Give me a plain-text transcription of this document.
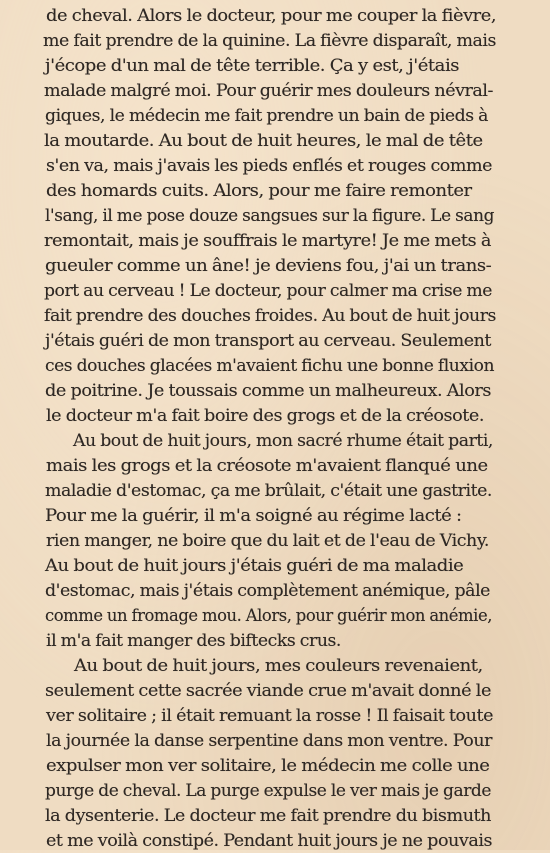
de cheval. Alors le docteur, pour me couper la fièvre,
me fait prendre de la quinine. La fièvre disparaît, mais
j'écope d'un mal de tête terrible. Ça y est, j'étais
malade malgré moi. Pour guérir mes douleurs névral-
giques, le médecin me fait prendre un bain de pieds à
la moutarde. Au bout de huit heures, le mal de tête
s'en va, mais j'avais les pieds enflés et rouges comme
des homards cuits. Alors, pour me faire remonter
l'sang, il me pose douze sangsues sur la figure. Le sang
remontait, mais je souffrais le martyre! Je me mets à
gueuler comme un âne! je deviens fou, j'ai un trans-
port au cerveau ! Le docteur, pour calmer ma crise me
fait prendre des douches froides. Au bout de huit jours
j'étais guéri de mon transport au cerveau. Seulement
ces douches glacées m'avaient fichu une bonne fluxion
de poitrine. Je toussais comme un malheureux. Alors
le docteur m'a fait boire des grogs et de la créosote.
Au bout de huit jours, mon sacré rhume était parti,
mais les grogs et la créosote m'avaient flanqué une
maladie d'estomac, ça me brûlait, c'était une gastrite.
Pour me la guérir, il m'a soigné au régime lacté :
rien manger, ne boire que du lait et de l'eau de Vichy.
Au bout de huit jours j'étais guéri de ma maladie
d'estomac, mais j'étais complètement anémique, pâle
comme un fromage mou. Alors, pour guérir mon anémie,
il m'a fait manger des biftecks crus.
Au bout de huit jours, mes couleurs revenaient,
seulement cette sacrée viande crue m'avait donné le
ver solitaire ; il était remuant la rosse ! Il faisait toute
la journée la danse serpentine dans mon ventre. Pour
expulser mon ver solitaire, le médecin me colle une
purge de cheval. La purge expulse le ver mais je garde
la dysenterie. Le docteur me fait prendre du bismuth
et me voilà constipé. Pendant huit jours je ne pouvais
